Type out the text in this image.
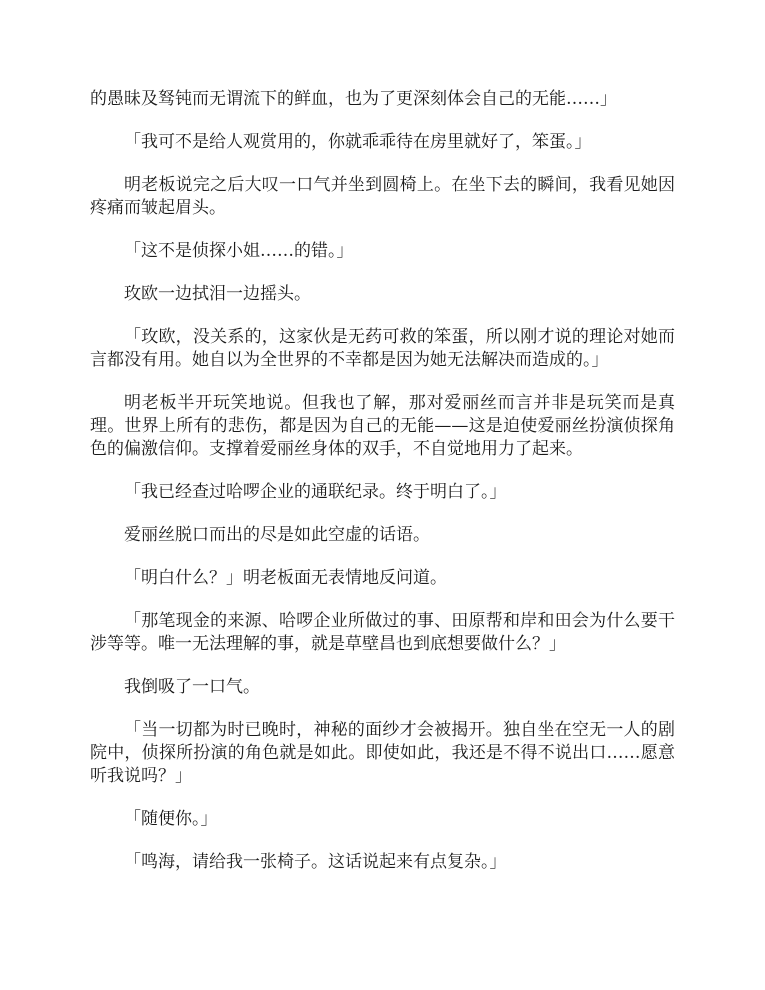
的愚昧及驽钝而无谓流下的鲜血，也为了更深刻体会自己的无能……」

「我可不是给人观赏用的，你就乖乖待在房里就好了，笨蛋。」

明老板说完之后大叹一口气并坐到圆椅上。在坐下去的瞬间，我看见她因疼痛而皱起眉头。

「这不是侦探小姐……的错。」

玫欧一边拭泪一边摇头。

「玫欧，没关系的，这家伙是无药可救的笨蛋，所以刚才说的理论对她而言都没有用。她自以为全世界的不幸都是因为她无法解决而造成的。」

明老板半开玩笑地说。但我也了解，那对爱丽丝而言并非是玩笑而是真理。世界上所有的悲伤，都是因为自己的无能——这是迫使爱丽丝扮演侦探角色的偏激信仰。支撑着爱丽丝身体的双手，不自觉地用力了起来。

「我已经查过哈啰企业的通联纪录。终于明白了。」

爱丽丝脱口而出的尽是如此空虚的话语。

「明白什么？」明老板面无表情地反问道。

「那笔现金的来源、哈啰企业所做过的事、田原帮和岸和田会为什么要干涉等等。唯一无法理解的事，就是草壁昌也到底想要做什么？」

我倒吸了一口气。

「当一切都为时已晚时，神秘的面纱才会被揭开。独自坐在空无一人的剧院中，侦探所扮演的角色就是如此。即使如此，我还是不得不说出口……愿意听我说吗？」

「随便你。」

「鸣海，请给我一张椅子。这话说起来有点复杂。」
